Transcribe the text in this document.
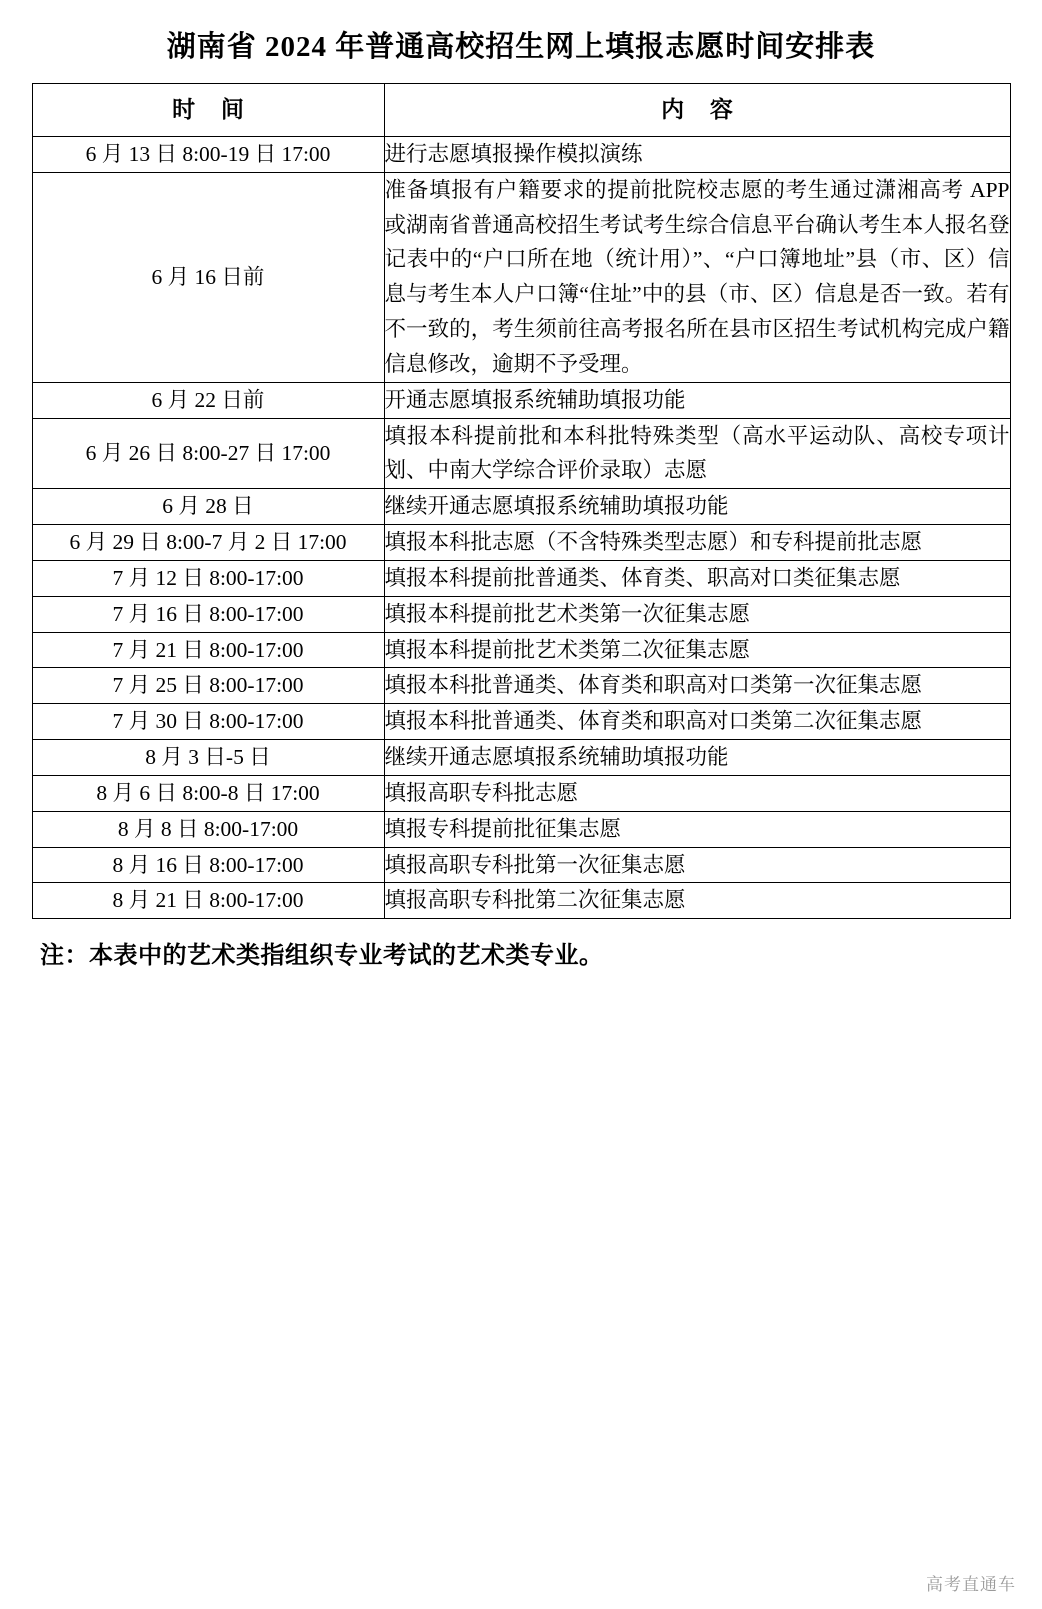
湖南省 2024 年普通高校招生网上填报志愿时间安排表
时 间	内 容
6 月 13 日 8:00-19 日 17:00	进行志愿填报操作模拟演练

6 月 16 日前	准备填报有户籍要求的提前批院校志愿的考生通过潇湘高考 APP 或湖南省普通高校招生考试考生综合信息平台确认考生本人报名登记表中的“户口所在地（统计用）”、“户口簿地址”县（市、区）信息与考生本人户口簿“住址”中的县（市、区）信息是否一致。若有不一致的，考生须前往高考报名所在县市区招生考试机构完成户籍信息修改，逾期不予受理。

6 月 22 日前	开通志愿填报系统辅助填报功能

6 月 26 日 8:00-27 日 17:00	填报本科提前批和本科批特殊类型（高水平运动队、高校专项计划、中南大学综合评价录取）志愿

6 月 28 日	继续开通志愿填报系统辅助填报功能

6 月 29 日 8:00-7 月 2 日 17:00	填报本科批志愿（不含特殊类型志愿）和专科提前批志愿

7 月 12 日 8:00-17:00	填报本科提前批普通类、体育类、职高对口类征集志愿

7 月 16 日 8:00-17:00	填报本科提前批艺术类第一次征集志愿

7 月 21 日 8:00-17:00	填报本科提前批艺术类第二次征集志愿

7 月 25 日 8:00-17:00	填报本科批普通类、体育类和职高对口类第一次征集志愿

7 月 30 日 8:00-17:00	填报本科批普通类、体育类和职高对口类第二次征集志愿

8 月 3 日-5 日	继续开通志愿填报系统辅助填报功能

8 月 6 日 8:00-8 日 17:00	填报高职专科批志愿

8 月 8 日 8:00-17:00	填报专科提前批征集志愿

8 月 16 日 8:00-17:00	填报高职专科批第一次征集志愿

8 月 21 日 8:00-17:00	填报高职专科批第二次征集志愿
注：本表中的艺术类指组织专业考试的艺术类专业。
高考直通车
